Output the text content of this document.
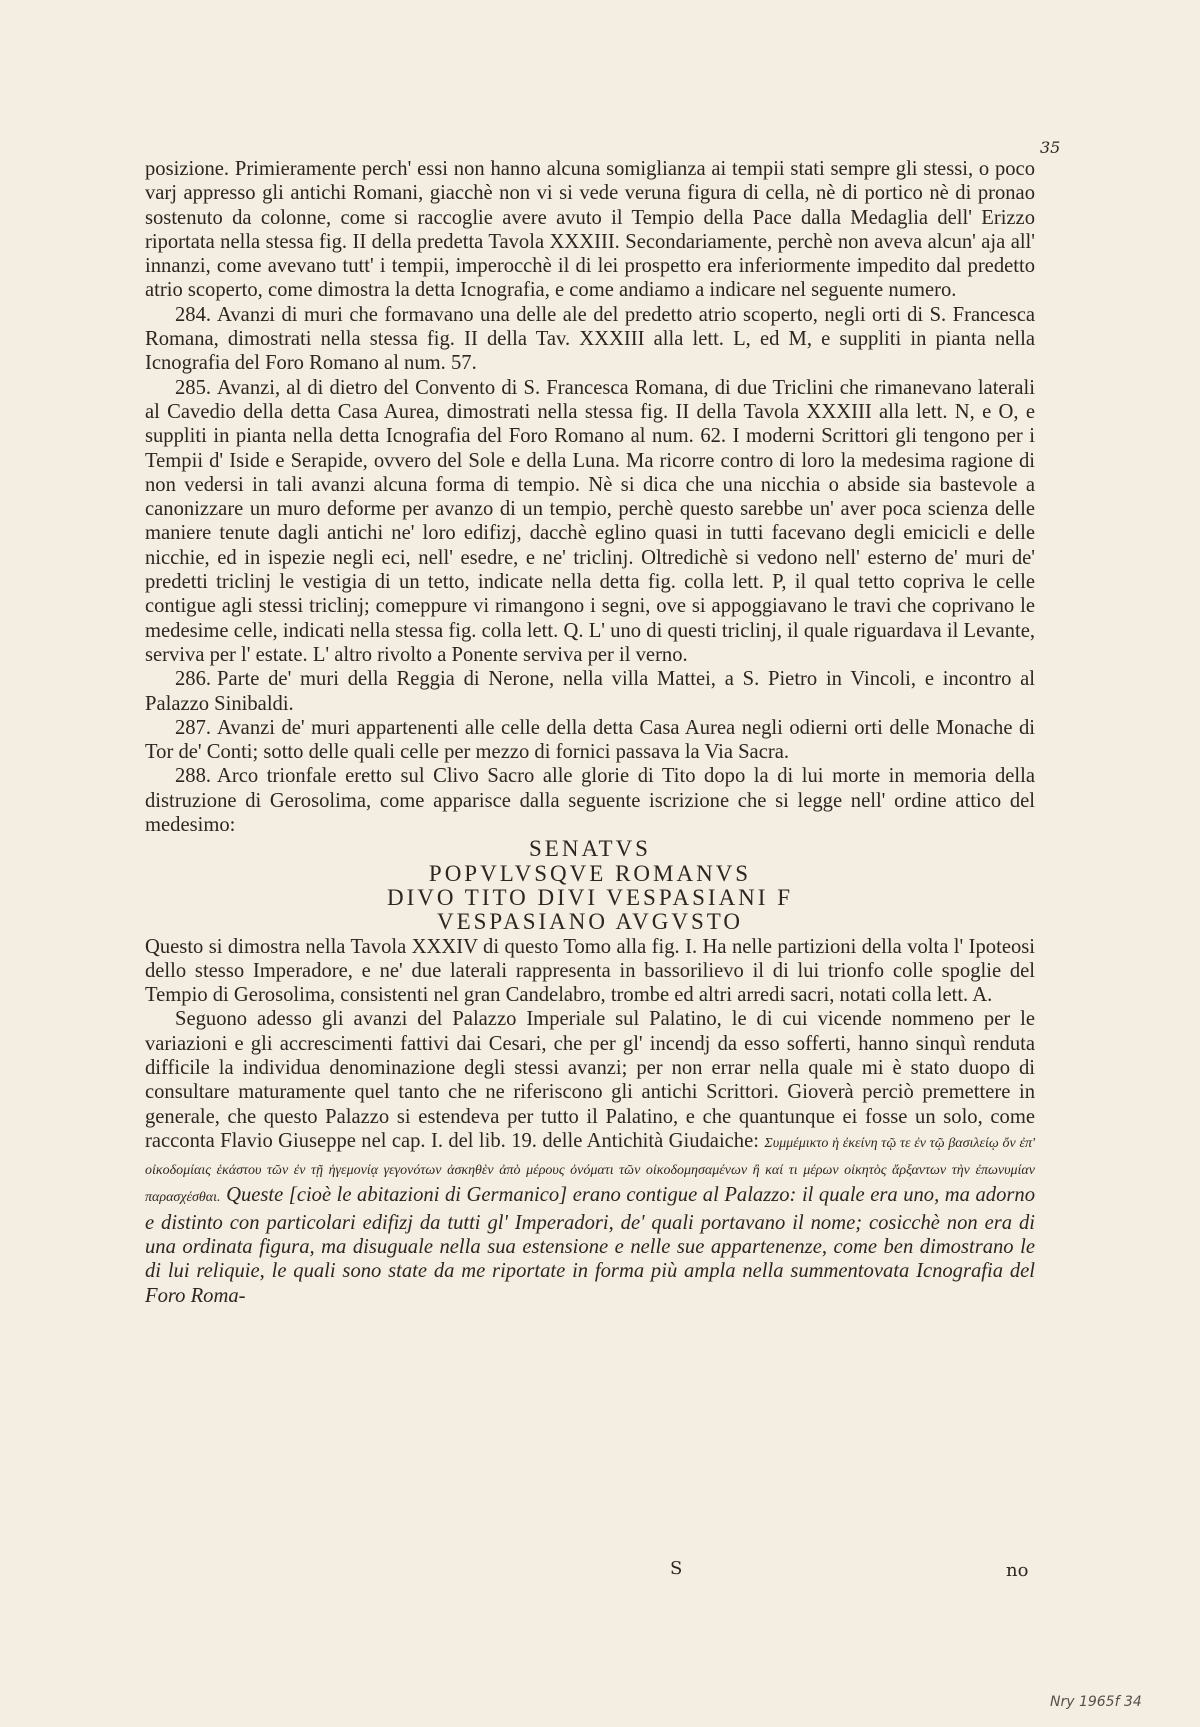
35

posizione. Primieramente perch' essi non hanno alcuna somiglianza ai tempii stati sempre gli stessi, o poco varj appresso gli antichi Romani, giacchè non vi si vede veruna figura di cella, nè di portico nè di pronao sostenuto da colonne, come si raccoglie avere avuto il Tempio della Pace dalla Medaglia dell' Erizzo riportata nella stessa fig. II della predetta Tavola XXXIII. Secondariamente, perchè non aveva alcun' aja all' innanzi, come avevano tutt' i tempii, imperocchè il di lei prospetto era inferiormente impedito dal predetto atrio scoperto, come dimostra la detta Icnografia, e come andiamo a indicare nel seguente numero.

284. Avanzi di muri che formavano una delle ale del predetto atrio scoperto, negli orti di S. Francesca Romana, dimostrati nella stessa fig. II della Tav. XXXIII alla lett. L, ed M, e suppliti in pianta nella Icnografia del Foro Romano al num. 57.

285. Avanzi, al di dietro del Convento di S. Francesca Romana, di due Triclini che rimanevano laterali al Cavedio della detta Casa Aurea, dimostrati nella stessa fig. II della Tavola XXXIII alla lett. N, e O, e suppliti in pianta nella detta Icnografia del Foro Romano al num. 62. I moderni Scrittori gli tengono per i Tempii d' Iside e Serapide, ovvero del Sole e della Luna. Ma ricorre contro di loro la medesima ragione di non vedersi in tali avanzi alcuna forma di tempio. Nè si dica che una nicchia o abside sia bastevole a canonizzare un muro deforme per avanzo di un tempio, perchè questo sarebbe un' aver poca scienza delle maniere tenute dagli antichi ne' loro edifizj, dacchè eglino quasi in tutti facevano degli emicicli e delle nicchie, ed in ispezie negli eci, nell' esedre, e ne' triclinj. Oltredichè si vedono nell' esterno de' muri de' predetti triclinj le vestigia di un tetto, indicate nella detta fig. colla lett. P, il qual tetto copriva le celle contigue agli stessi triclinj; comeppure vi rimangono i segni, ove si appoggiavano le travi che coprivano le medesime celle, indicati nella stessa fig. colla lett. Q. L' uno di questi triclinj, il quale riguardava il Levante, serviva per l' estate. L' altro rivolto a Ponente serviva per il verno.

286. Parte de' muri della Reggia di Nerone, nella villa Mattei, a S. Pietro in Vincoli, e incontro al Palazzo Sinibaldi.

287. Avanzi de' muri appartenenti alle celle della detta Casa Aurea negli odierni orti delle Monache di Tor de' Conti; sotto delle quali celle per mezzo di fornici passava la Via Sacra.

288. Arco trionfale eretto sul Clivo Sacro alle glorie di Tito dopo la di lui morte in memoria della distruzione di Gerosolima, come apparisce dalla seguente iscrizione che si legge nell' ordine attico del medesimo:

SENATVS
POPVLVSQVE ROMANVS
DIVO TITO DIVI VESPASIANI F
VESPASIANO AVGVSTO

Questo si dimostra nella Tavola XXXIV di questo Tomo alla fig. I. Ha nelle partizioni della volta l' Ipoteosi dello stesso Imperadore, e ne' due laterali rappresenta in bassorilievo il di lui trionfo colle spoglie del Tempio di Gerosolima, consistenti nel gran Candelabro, trombe ed altri arredi sacri, notati colla lett. A.

Seguono adesso gli avanzi del Palazzo Imperiale sul Palatino, le di cui vicende nommeno per le variazioni e gli accrescimenti fattivi dai Cesari, che per gl' incendj da esso sofferti, hanno sinquì renduta difficile la individua denominazione degli stessi avanzi; per non errar nella quale mi è stato duopo di consultare maturamente quel tanto che ne riferiscono gli antichi Scrittori. Gioverà perciò premettere in generale, che questo Palazzo si estendeva per tutto il Palatino, e che quantunque ei fosse un solo, come racconta Flavio Giuseppe nel cap. I. del lib. 19. delle Antichità Giudaiche: Συμμέμικτο ἡ ἐκείνη τῷ τε ἐν τῷ βασιλείῳ ὄν ἐπ' οἰκοδομίαις ἑκάστου τῶν ἐν τῇ ἡγεμονίᾳ γεγονότων ἀσκηθὲν ἀπὸ μέρους ὀνόματι τῶν οἰκοδομησαμένων ἢ καί τι μέρων οἰκητὸς ἄρξαντων τὴν ἐπωνυμίαν παρασχέσθαι. Queste [cioè le abitazioni di Germanico] erano contigue al Palazzo: il quale era uno, ma adorno e distinto con particolari edifizj da tutti gl' Imperadori, de' quali portavano il nome; cosicchè non era di una ordinata figura, ma disuguale nella sua estensione e nelle sue appartenenze, come ben dimostrano le di lui reliquie, le quali sono state da me riportate in forma più ampla nella summentovata Icnografia del Foro Roma-

S	no
Nry 1965f 34
